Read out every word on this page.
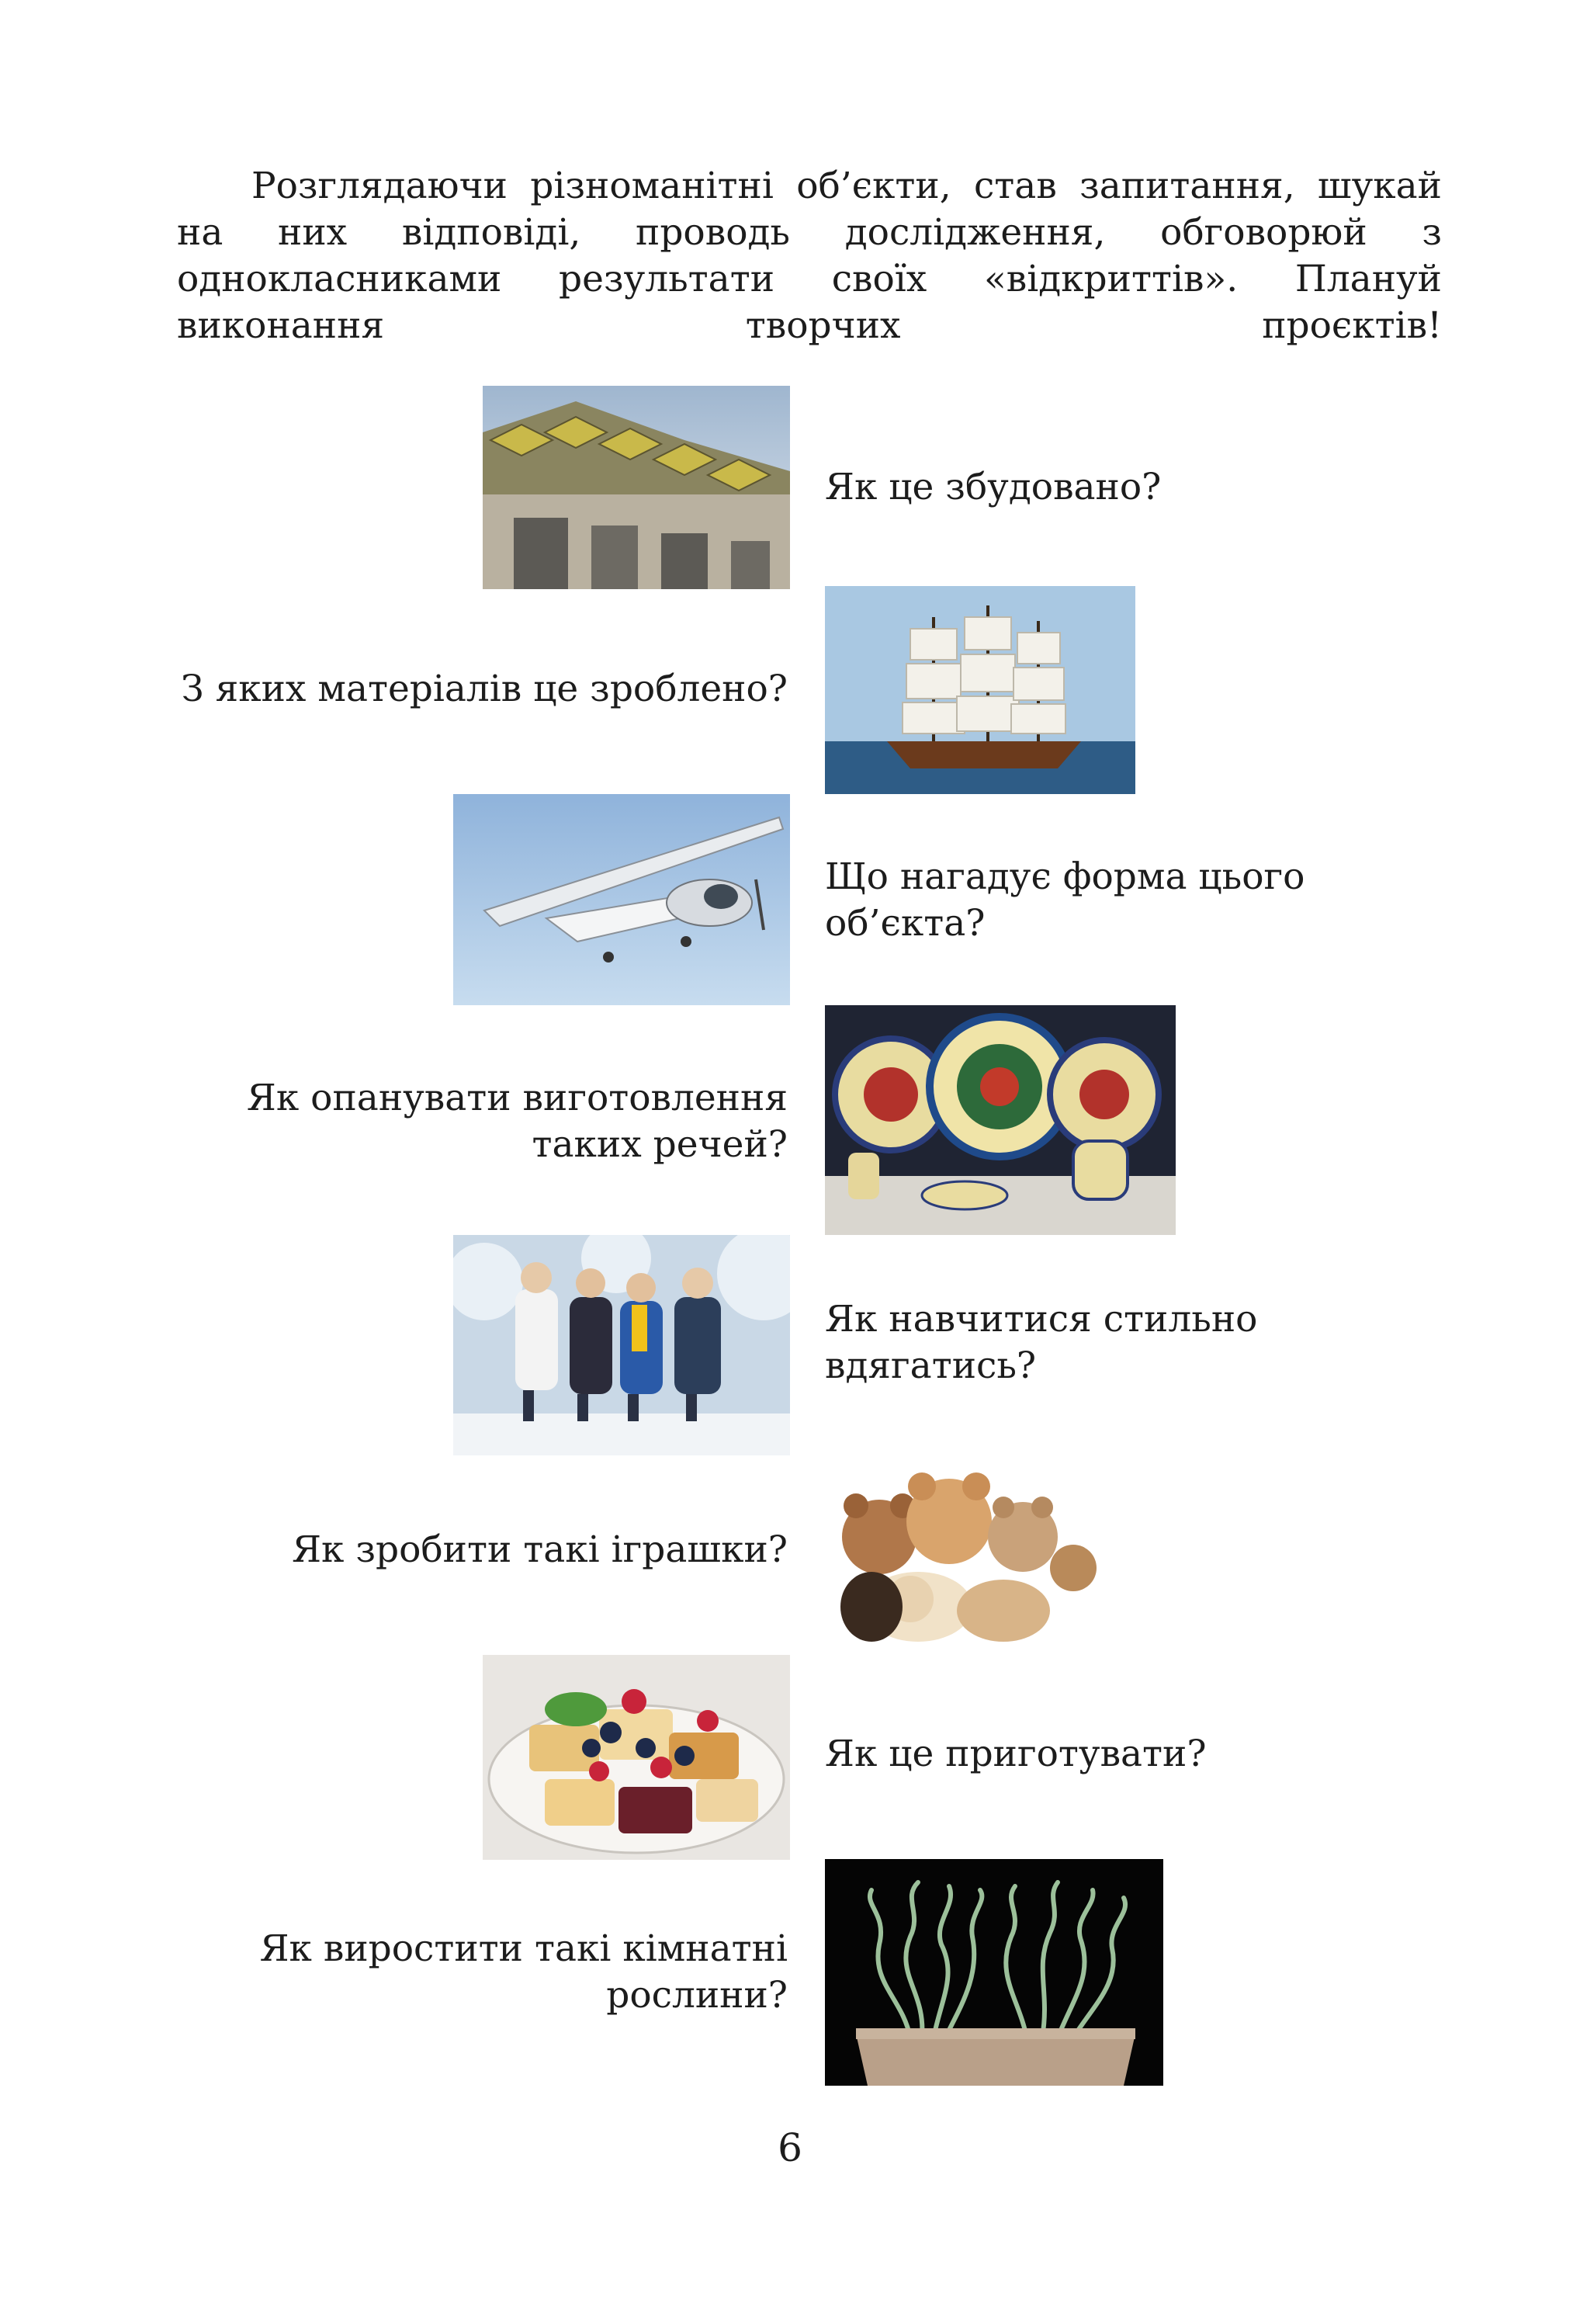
Розглядаючи різноманітні об’єкти, став запитання, шукай на них відповіді, проводь дослідження, обговорюй з однокласниками результати своїх «відкриттів». Плануй виконання творчих проєктів!

Як це збудовано?

З яких матеріалів це зроблено?

Що нагадує форма цього
об’єкта?

Як опанувати виготовлення
таких речей?

Як навчитися стильно
вдягатись?

Як зробити такі іграшки?

Як це приготувати?

Як виростити такі кімнатні
рослини?

6
